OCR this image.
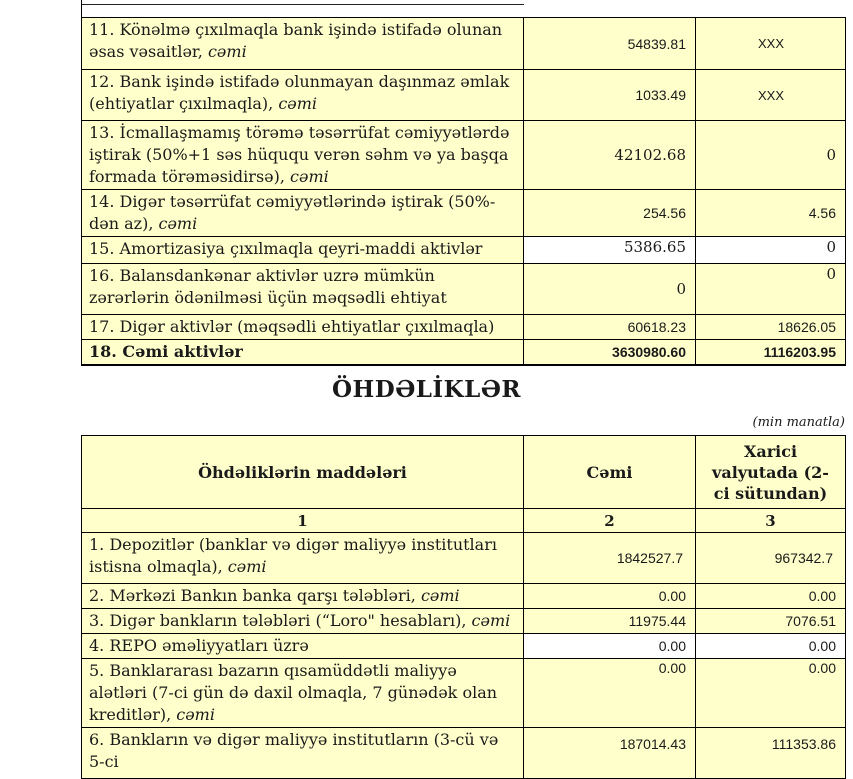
11. Könəlmə çıxılmaqla bank işində istifadə olunan əsas vəsaitlər, cəmi	54839.81	XXX
12. Bank işində istifadə olunmayan daşınmaz əmlak (ehtiyatlar çıxılmaqla), cəmi	1033.49	XXX
13. İcmallaşmamış törəmə təsərrüfat cəmiyyətlərdə iştirak (50%+1 səs hüququ verən səhm və ya başqa formada törəməsidirsə), cəmi	42102.68	0
14. Digər təsərrüfat cəmiyyətlərində iştirak (50%-dən az), cəmi	254.56	4.56
15. Amortizasiya çıxılmaqla qeyri-maddi aktivlər	5386.65	0
16. Balansdankənar aktivlər uzrə mümkün zərərlərin ödənilməsi üçün məqsədli ehtiyat	0	0
17. Digər aktivlər (məqsədli ehtiyatlar çıxılmaqla)	60618.23	18626.05
18. Cəmi aktivlər	3630980.60	1116203.95
ÖHDƏLİKLƏR
(min manatla)
Öhdəliklərin maddələri	Cəmi	Xarici valyutada (2-ci sütundan)
1	2	3
1. Depozitlər (banklar və digər maliyyə institutları istisna olmaqla), cəmi	1842527.7	967342.7
2. Mərkəzi Bankın banka qarşı tələbləri, cəmi	0.00	0.00
3. Digər bankların tələbləri (“Loro" hesabları), cəmi	11975.44	7076.51
4. REPO əməliyyatları üzrə	0.00	0.00
5. Banklararası bazarın qısamüddətli maliyyə alətləri (7-ci gün də daxil olmaqla, 7 günədək olan kreditlər), cəmi	0.00	0.00
6. Bankların və digər maliyyə institutların (3-cü və 5-ci	187014.43	111353.86
